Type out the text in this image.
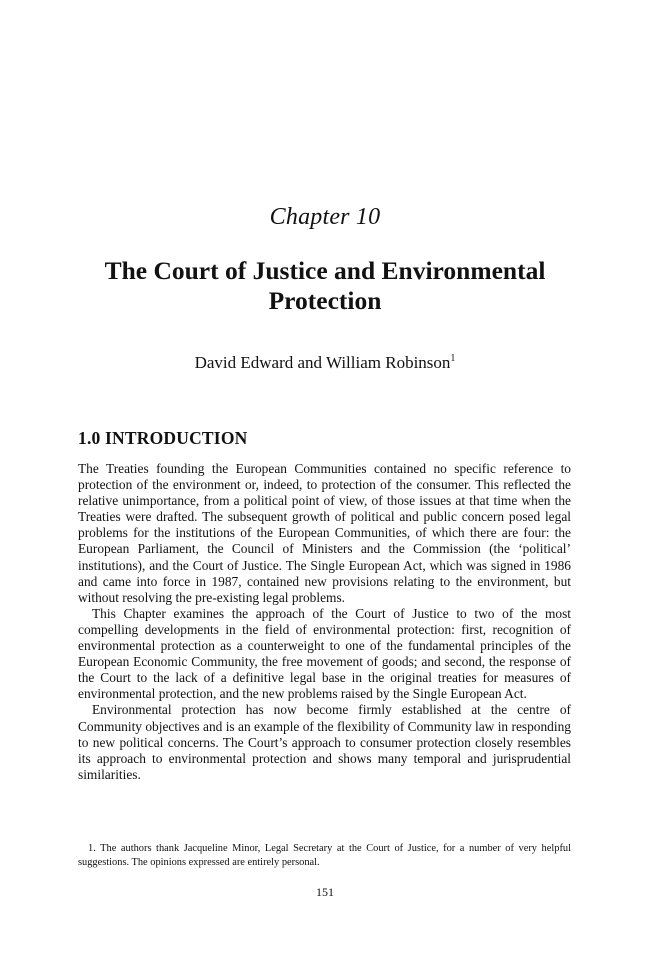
Chapter 10
The Court of Justice and Environmental Protection
David Edward and William Robinson$^1$
1.0 INTRODUCTION

The Treaties founding the European Communities contained no specific reference to protection of the environment or, indeed, to protection of the consumer. This reflected the relative unimportance, from a political point of view, of those issues at that time when the Treaties were drafted. The subsequent growth of political and public concern posed legal problems for the institutions of the European Communities, of which there are four: the European Parliament, the Council of Ministers and the Commission (the ‘political’ institutions), and the Court of Justice. The Single European Act, which was signed in 1986 and came into force in 1987, contained new provisions relating to the environment, but without resolving the pre-existing legal problems.

This Chapter examines the approach of the Court of Justice to two of the most compelling developments in the field of environmental protection: first, recognition of environmental protection as a counterweight to one of the fundamental principles of the European Economic Community, the free movement of goods; and second, the response of the Court to the lack of a definitive legal base in the original treaties for measures of environmental protection, and the new problems raised by the Single European Act.

Environmental protection has now become firmly established at the centre of Community objectives and is an example of the flexibility of Community law in responding to new political concerns. The Court’s approach to consumer protection closely resembles its approach to environmental protection and shows many temporal and jurisprudential similarities.

1. The authors thank Jacqueline Minor, Legal Secretary at the Court of Justice, for a number of very helpful suggestions. The opinions expressed are entirely personal.
151
